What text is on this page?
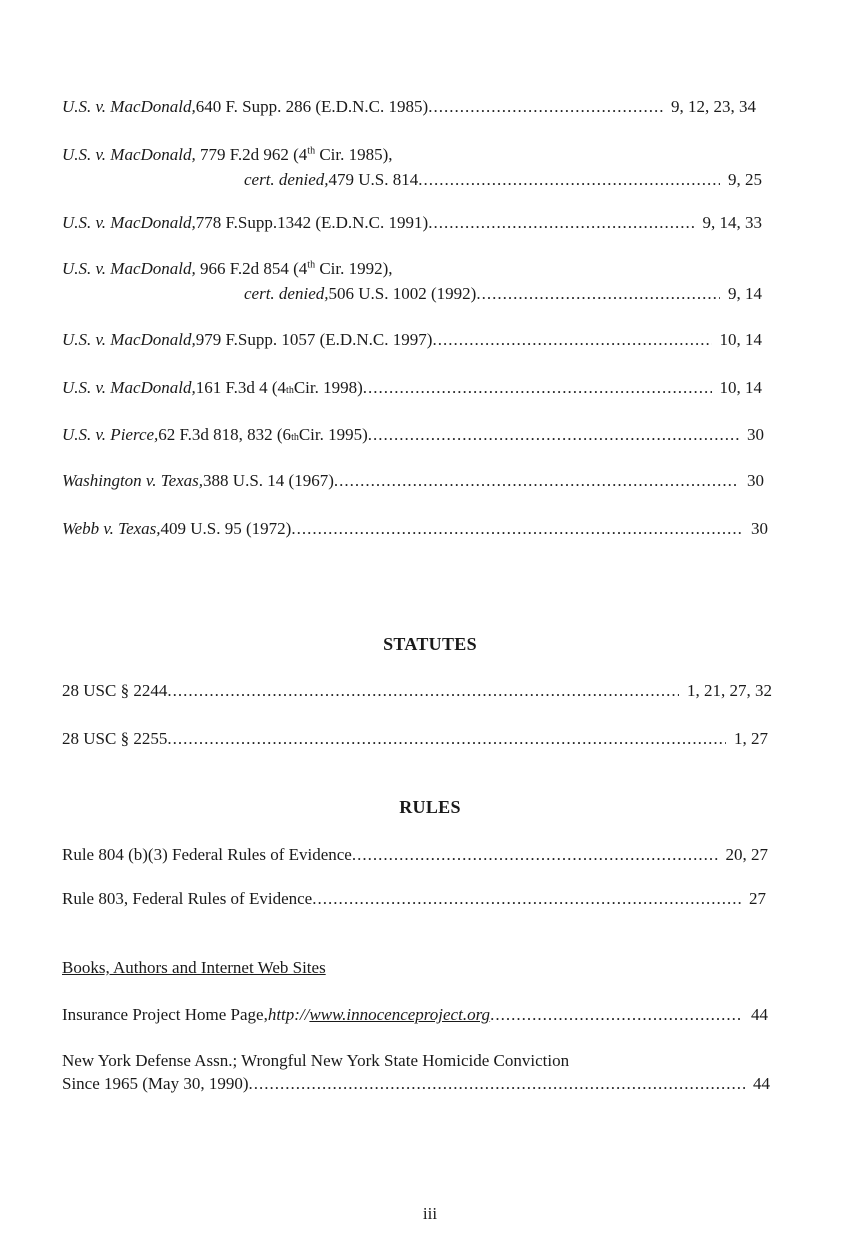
U.S. v. MacDonald, 640 F. Supp. 286 (E.D.N.C. 1985) .....	9, 12, 23, 34
U.S. v. MacDonald, 779 F.2d 962 (4th Cir. 1985),
cert. denied, 479 U.S. 814 .....	9, 25
U.S. v. MacDonald, 778 F.Supp.1342 (E.D.N.C. 1991) .....	9, 14, 33
U.S. v. MacDonald, 966 F.2d 854 (4th Cir. 1992),
cert. denied, 506 U.S. 1002 (1992) .....	9, 14
U.S. v. MacDonald, 979 F.Supp. 1057 (E.D.N.C. 1997) .....	10, 14
U.S. v. MacDonald, 161 F.3d 4 (4 th Cir. 1998) .....	10, 14
U.S. v. Pierce, 62 F.3d 818, 832 (6 th Cir. 1995) .....	30
Washington v. Texas, 388 U.S. 14 (1967) .....	30
Webb v. Texas, 409 U.S. 95 (1972) .....	30
STATUTES
28 USC § 2244 .....	1, 21, 27, 32
28 USC § 2255 .....	1, 27
RULES
Rule 804 (b)(3) Federal Rules of Evidence .....	20, 27
Rule 803, Federal Rules of Evidence .....	27
Books, Authors and Internet Web Sites
Insurance Project Home Page, http:// www.innocenceproject.org .....	44
New York Defense Assn.; Wrongful New York State Homicide Conviction
Since 1965 (May 30, 1990) .....	44
iii
